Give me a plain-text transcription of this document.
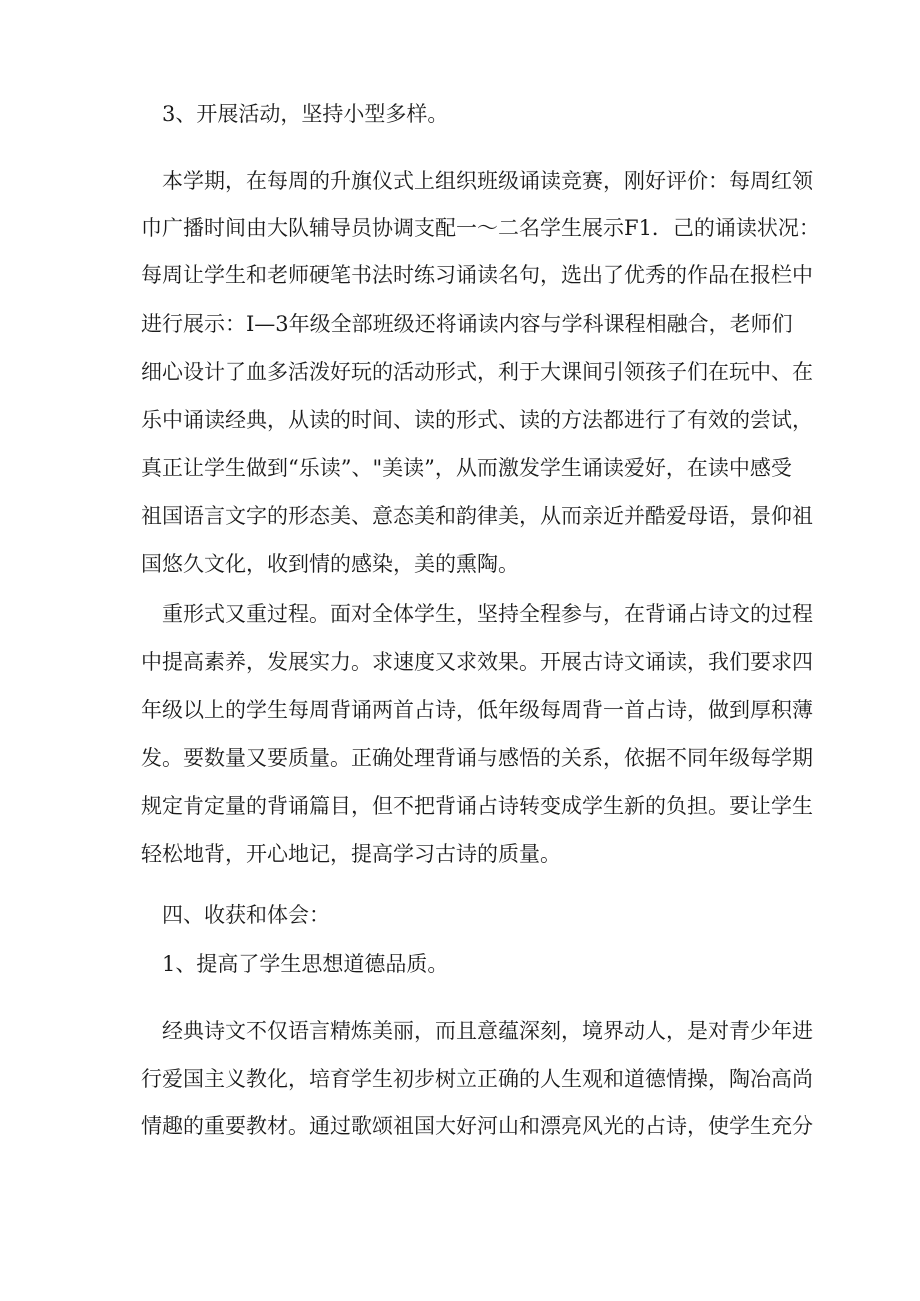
3、开展活动，坚持小型多样。

本学期，在每周的升旗仪式上组织班级诵读竞赛，刚好评价：每周红领

巾广播时间由大队辅导员协调支配一～二名学生展示F1．己的诵读状况：

每周让学生和老师硬笔书法时练习诵读名句，选出了优秀的作品在报栏中

进行展示：I—3年级全部班级还将诵读内容与学科课程相融合，老师们

细心设计了血多活泼好玩的活动形式，利于大课间引领孩子们在玩中、在

乐中诵读经典，从读的时间、读的形式、读的方法都进行了有效的尝试，

真正让学生做到“乐读”、"美读”，从而激发学生诵读爱好，在读中感受

祖国语言文字的形态美、意态美和韵律美，从而亲近并酷爱母语，景仰祖

国悠久文化，收到情的感染，美的熏陶。

重形式又重过程。面对全体学生，坚持全程参与，在背诵占诗文的过程

中提高素养，发展实力。求速度又求效果。开展古诗文诵读，我们要求四

年级以上的学生每周背诵两首占诗，低年级每周背一首占诗，做到厚积薄

发。要数量又要质量。正确处理背诵与感悟的关系，依据不同年级每学期

规定肯定量的背诵篇目，但不把背诵占诗转变成学生新的负担。要让学生

轻松地背，开心地记，提高学习古诗的质量。

四、收获和体会：

1、提高了学生思想道德品质。

经典诗文不仅语言精炼美丽，而且意蕴深刻，境界动人，是对青少年进

行爱国主义教化，培育学生初步树立正确的人生观和道德情操，陶冶高尚

情趣的重要教材。通过歌颂祖国大好河山和漂亮风光的占诗，使学生充分
